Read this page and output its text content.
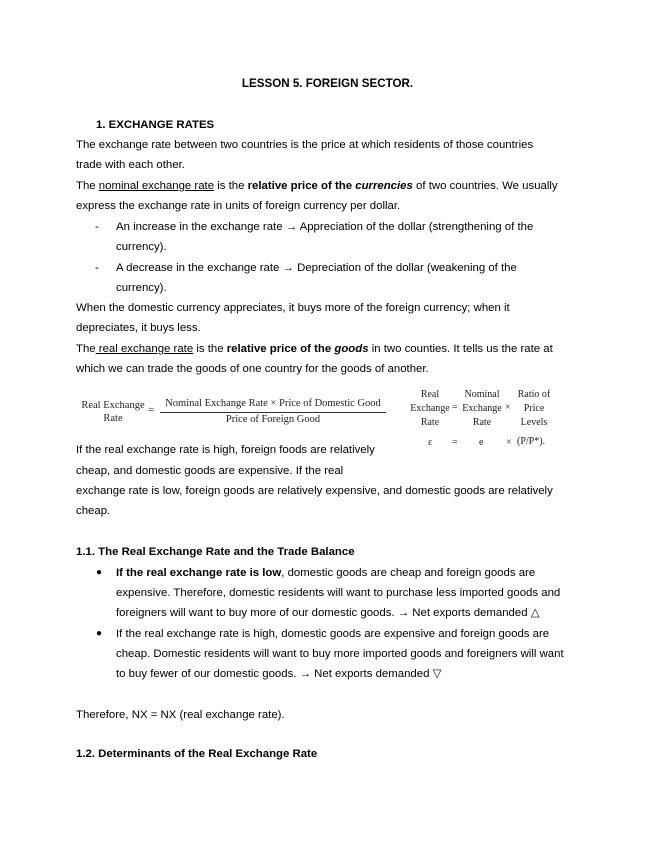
LESSON 5. FOREIGN SECTOR.
1. EXCHANGE RATES
The exchange rate between two countries is the price at which residents of those countries
trade with each other.
The nominal exchange rate is the relative price of the currencies of two countries. We usually
express the exchange rate in units of foreign currency per dollar.
- An increase in the exchange rate → Appreciation of the dollar (strengthening of the
currency).
- A decrease in the exchange rate → Depreciation of the dollar (weakening of the
currency).
When the domestic currency appreciates, it buys more of the foreign currency; when it
depreciates, it buys less.
The real exchange rate is the relative price of the goods in two counties. It tells us the rate at
which we can trade the goods of one country for the goods of another.
Real Exchange
Rate
=
Nominal Exchange Rate × Price of Domestic Good
Price of Foreign Good
Real
Exchange
Rate
=
Nominal
Exchange
Rate
×
Ratio of
Price
Levels
ε = e × (P/P*).
If the real exchange rate is high, foreign foods are relatively
cheap, and domestic goods are expensive. If the real
exchange rate is low, foreign goods are relatively expensive, and domestic goods are relatively
cheap.
1.1. The Real Exchange Rate and the Trade Balance
● If the real exchange rate is low, domestic goods are cheap and foreign goods are
expensive. Therefore, domestic residents will want to purchase less imported goods and
foreigners will want to buy more of our domestic goods. → Net exports demanded △
● If the real exchange rate is high, domestic goods are expensive and foreign goods are
cheap. Domestic residents will want to buy more imported goods and foreigners will want
to buy fewer of our domestic goods. → Net exports demanded ▽
Therefore, NX = NX (real exchange rate).
1.2. Determinants of the Real Exchange Rate
